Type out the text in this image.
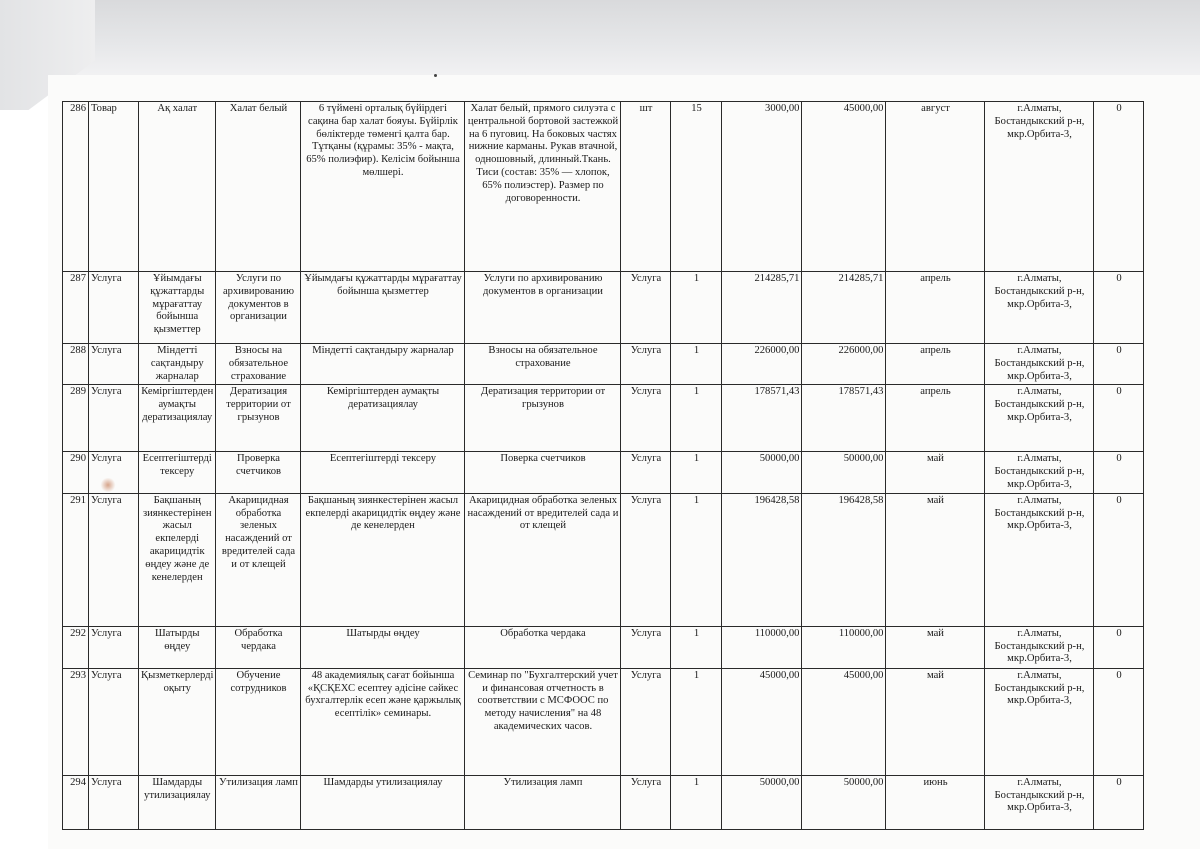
286	Товар	Ақ халат	Халат белый	6 түймені орталық бүйірдегі сақина бар халат бояуы. Бүйірлік бөліктерде төменгі қалта бар. Тұтқаны (құрамы: 35% - мақта, 65% полиэфир). Келісім бойынша мөлшері.	Халат белый, прямого силуэта с центральной бортовой застежкой на 6 пуговиц. На боковых частях нижние карманы. Рукав втачной, одношовный, длинный.Ткань. Тиси (состав: 35% — хлопок, 65% полиэстер). Размер по договоренности.	шт	15	3000,00	45000,00	август	г.Алматы, Бостандыкский р-н, мкр.Орбита-3,	0
287	Услуга	Ұйымдағы құжаттарды мұрағаттау бойынша қызметтер	Услуги по архивированию документов в организации	Ұйымдағы құжаттарды мұрағаттау бойынша қызметтер	Услуги по архивированию документов в организации	Услуга	1	214285,71	214285,71	апрель	г.Алматы, Бостандыкский р-н, мкр.Орбита-3,	0
288	Услуга	Міндетті сақтандыру жарналар	Взносы на обязательное страхование	Міндетті сақтандыру жарналар	Взносы на обязательное страхование	Услуга	1	226000,00	226000,00	апрель	г.Алматы, Бостандыкский р-н, мкр.Орбита-3,	0
289	Услуга	Кеміргіштерден аумақты дератизациялау	Дератизация территории от грызунов	Кеміргіштерден аумақты дератизациялау	Дератизация территории от грызунов	Услуга	1	178571,43	178571,43	апрель	г.Алматы, Бостандыкский р-н, мкр.Орбита-3,	0
290	Услуга	Есептегіштерді тексеру	Проверка счетчиков	Есептегіштерді тексеру	Поверка счетчиков	Услуга	1	50000,00	50000,00	май	г.Алматы, Бостандыкский р-н, мкр.Орбита-3,	0
291	Услуга	Бақшаның зиянкестерінен жасыл екпелерді акарицидтік өңдеу және де кенелерден	Акарицидная обработка зеленых насаждений от вредителей сада и от клещей	Бақшаның зиянкестерінен жасыл екпелерді акарицидтік өңдеу және де кенелерден	Акарицидная обработка зеленых насаждений от вредителей сада и от клещей	Услуга	1	196428,58	196428,58	май	г.Алматы, Бостандыкский р-н, мкр.Орбита-3,	0
292	Услуга	Шатырды өңдеу	Обработка чердака	Шатырды өңдеу	Обработка чердака	Услуга	1	110000,00	110000,00	май	г.Алматы, Бостандыкский р-н, мкр.Орбита-3,	0
293	Услуга	Қызметкерлерді оқыту	Обучение сотрудников	48 академиялық сағат бойынша «ҚСҚЕХС есептеу әдісіне сәйкес бухгалтерлік есеп және қаржылық есептілік» семинары.	Семинар по "Бухгалтерский учет и финансовая отчетность в соответствии с МСФООС по методу начисления" на 48 академических часов.	Услуга	1	45000,00	45000,00	май	г.Алматы, Бостандыкский р-н, мкр.Орбита-3,	0
294	Услуга	Шамдарды утилизациялау	Утилизация ламп	Шамдарды утилизациялау	Утилизация ламп	Услуга	1	50000,00	50000,00	июнь	г.Алматы, Бостандыкский р-н, мкр.Орбита-3,	0
